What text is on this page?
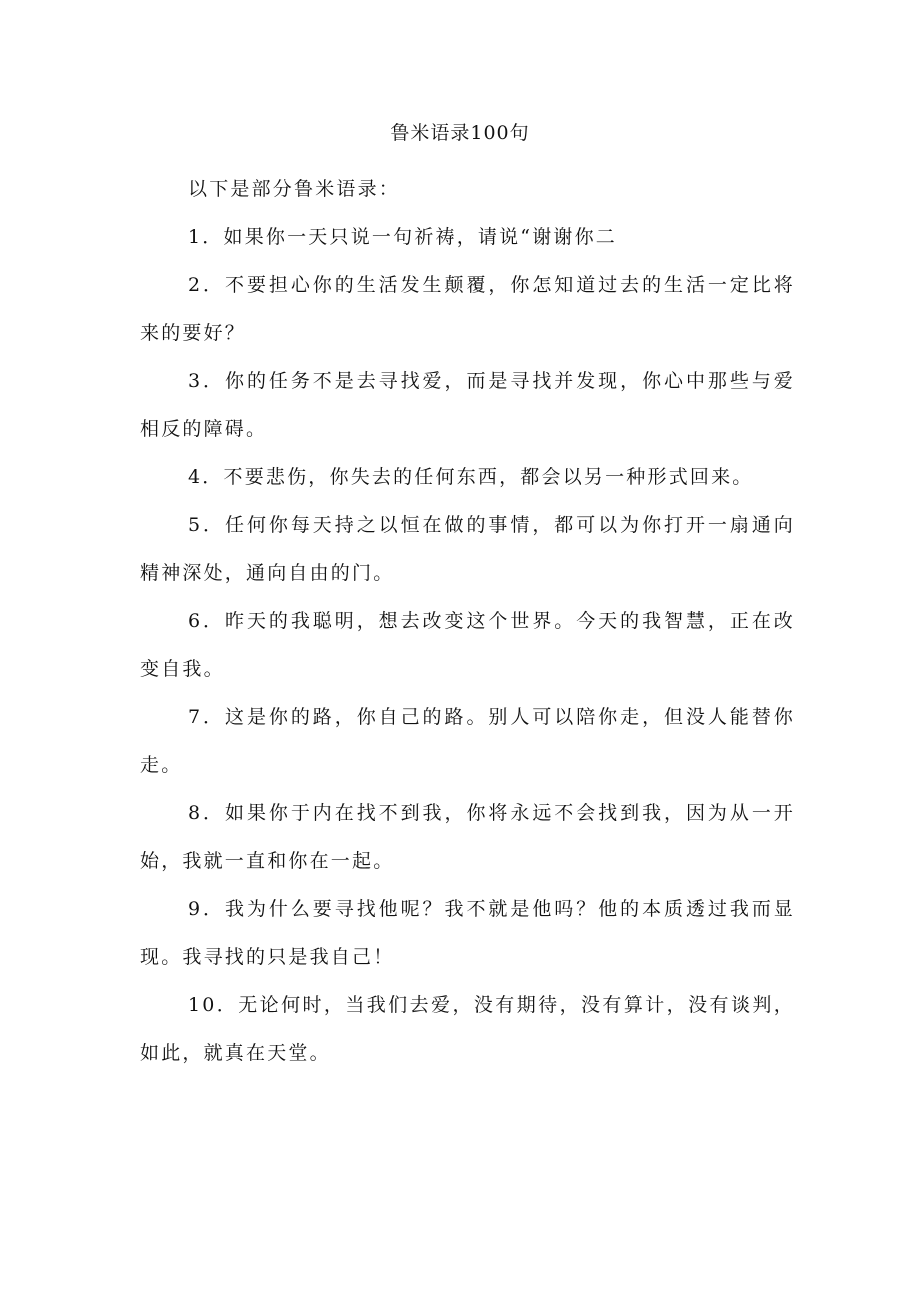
鲁米语录100句

以下是部分鲁米语录：

1．如果你一天只说一句祈祷，请说“谢谢你二

2．不要担心你的生活发生颠覆，你怎知道过去的生活一定比将来的要好？

3．你的任务不是去寻找爱，而是寻找并发现，你心中那些与爱相反的障碍。

4．不要悲伤，你失去的任何东西，都会以另一种形式回来。

5．任何你每天持之以恒在做的事情，都可以为你打开一扇通向精神深处，通向自由的门。

6．昨天的我聪明，想去改变这个世界。今天的我智慧，正在改变自我。

7．这是你的路，你自己的路。别人可以陪你走，但没人能替你走。

8．如果你于内在找不到我，你将永远不会找到我，因为从一开始，我就一直和你在一起。

9．我为什么要寻找他呢？我不就是他吗？他的本质透过我而显现。我寻找的只是我自己！

10．无论何时，当我们去爱，没有期待，没有算计，没有谈判，如此，就真在天堂。
